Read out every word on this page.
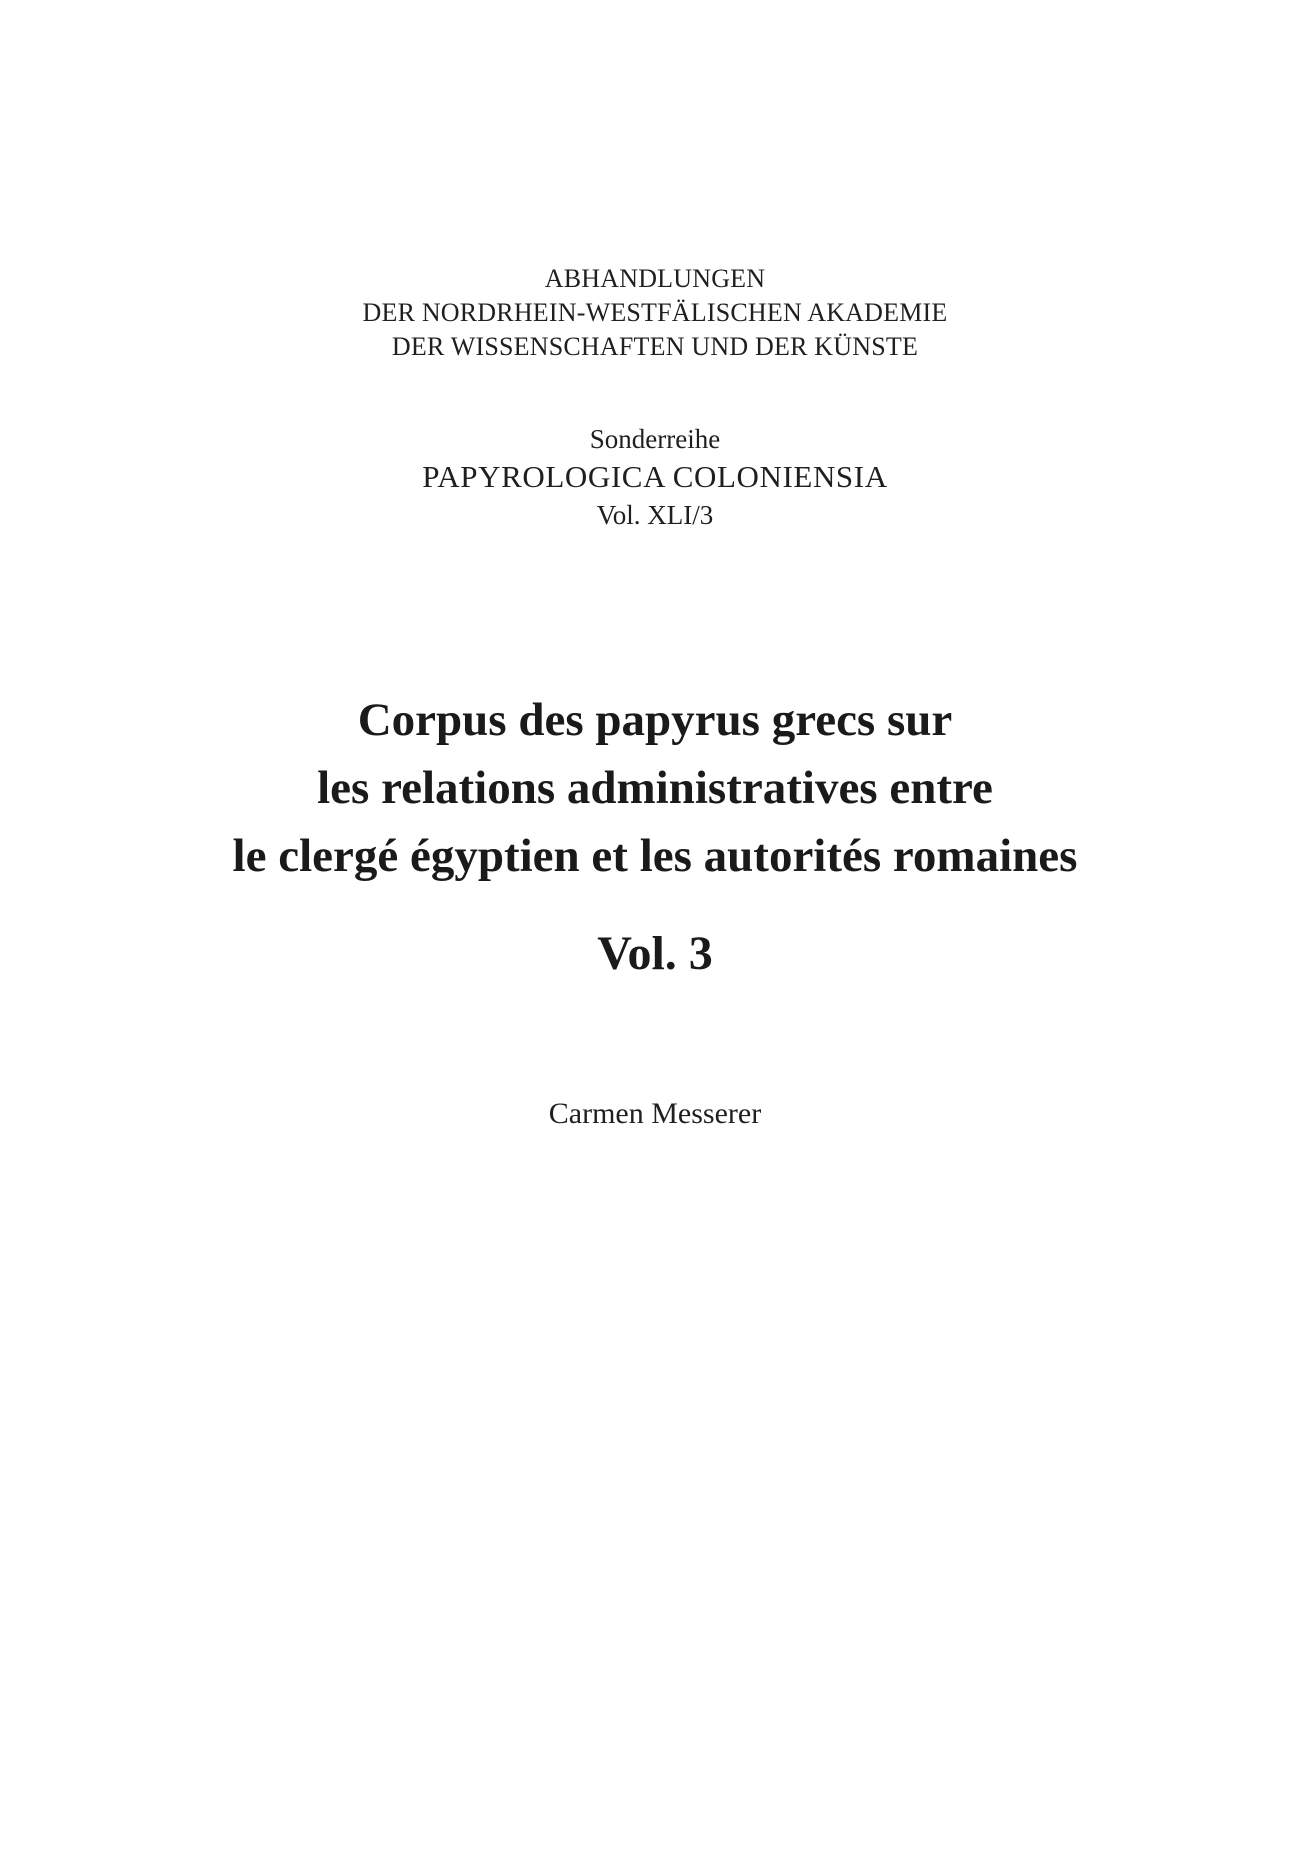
ABHANDLUNGEN
DER NORDRHEIN-WESTFÄLISCHEN AKADEMIE
DER WISSENSCHAFTEN UND DER KÜNSTE
Sonderreihe
PAPYROLOGICA COLONIENSIA
Vol. XLI/3
Corpus des papyrus grecs sur
les relations administratives entre
le clergé égyptien et les autorités romaines
Vol. 3
Carmen Messerer
